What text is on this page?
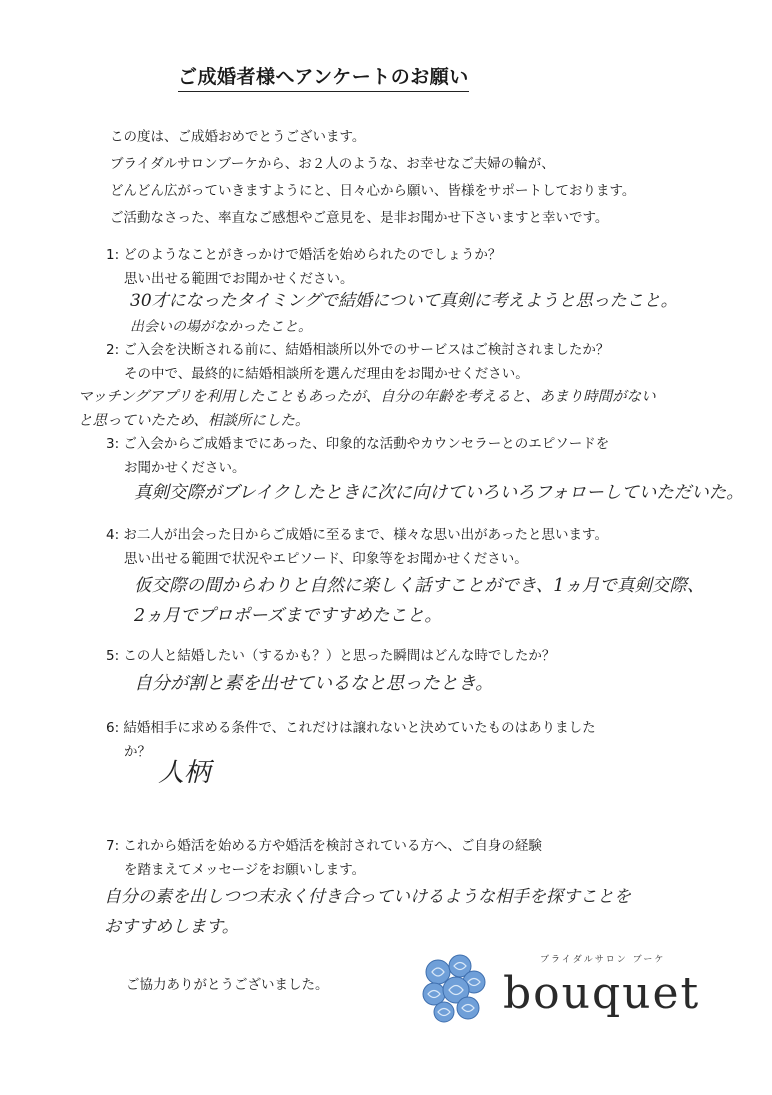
ご成婚者様へアンケートのお願い
この度は、ご成婚おめでとうございます。
ブライダルサロンブーケから、お２人のような、お幸せなご夫婦の輪が、
どんどん広がっていきますようにと、日々心から願い、皆様をサポートしております。
ご活動なさった、率直なご感想やご意見を、是非お聞かせ下さいますと幸いです。
1: どのようなことがきっかけで婚活を始められたのでしょうか？
思い出せる範囲でお聞かせください。
30才になったタイミングで結婚について真剣に考えようと思ったこと。
出会いの場がなかったこと。
2: ご入会を決断される前に、結婚相談所以外でのサービスはご検討されましたか？
その中で、最終的に結婚相談所を選んだ理由をお聞かせください。
マッチングアプリを利用したこともあったが、自分の年齢を考えると、あまり時間がない
と思っていたため、相談所にした。
3: ご入会からご成婚までにあった、印象的な活動やカウンセラーとのエピソードを
お聞かせください。
真剣交際がブレイクしたときに次に向けていろいろフォローしていただいた。
4: お二人が出会った日からご成婚に至るまで、様々な思い出があったと思います。
思い出せる範囲で状況やエピソード、印象等をお聞かせください。
仮交際の間からわりと自然に楽しく話すことができ、1ヵ月で真剣交際、
2ヵ月でプロポーズまですすめたこと。
5: この人と結婚したい（するかも？）と思った瞬間はどんな時でしたか？
自分が割と素を出せているなと思ったとき。
6: 結婚相手に求める条件で、これだけは譲れないと決めていたものはありました
か？
人柄
7: これから婚活を始める方や婚活を検討されている方へ、ご自身の経験
を踏まえてメッセージをお願いします。
自分の素を出しつつ末永く付き合っていけるような相手を探すことを
おすすめします。
ご協力ありがとうございました。
ブライダルサロン ブーケ
bouquet
